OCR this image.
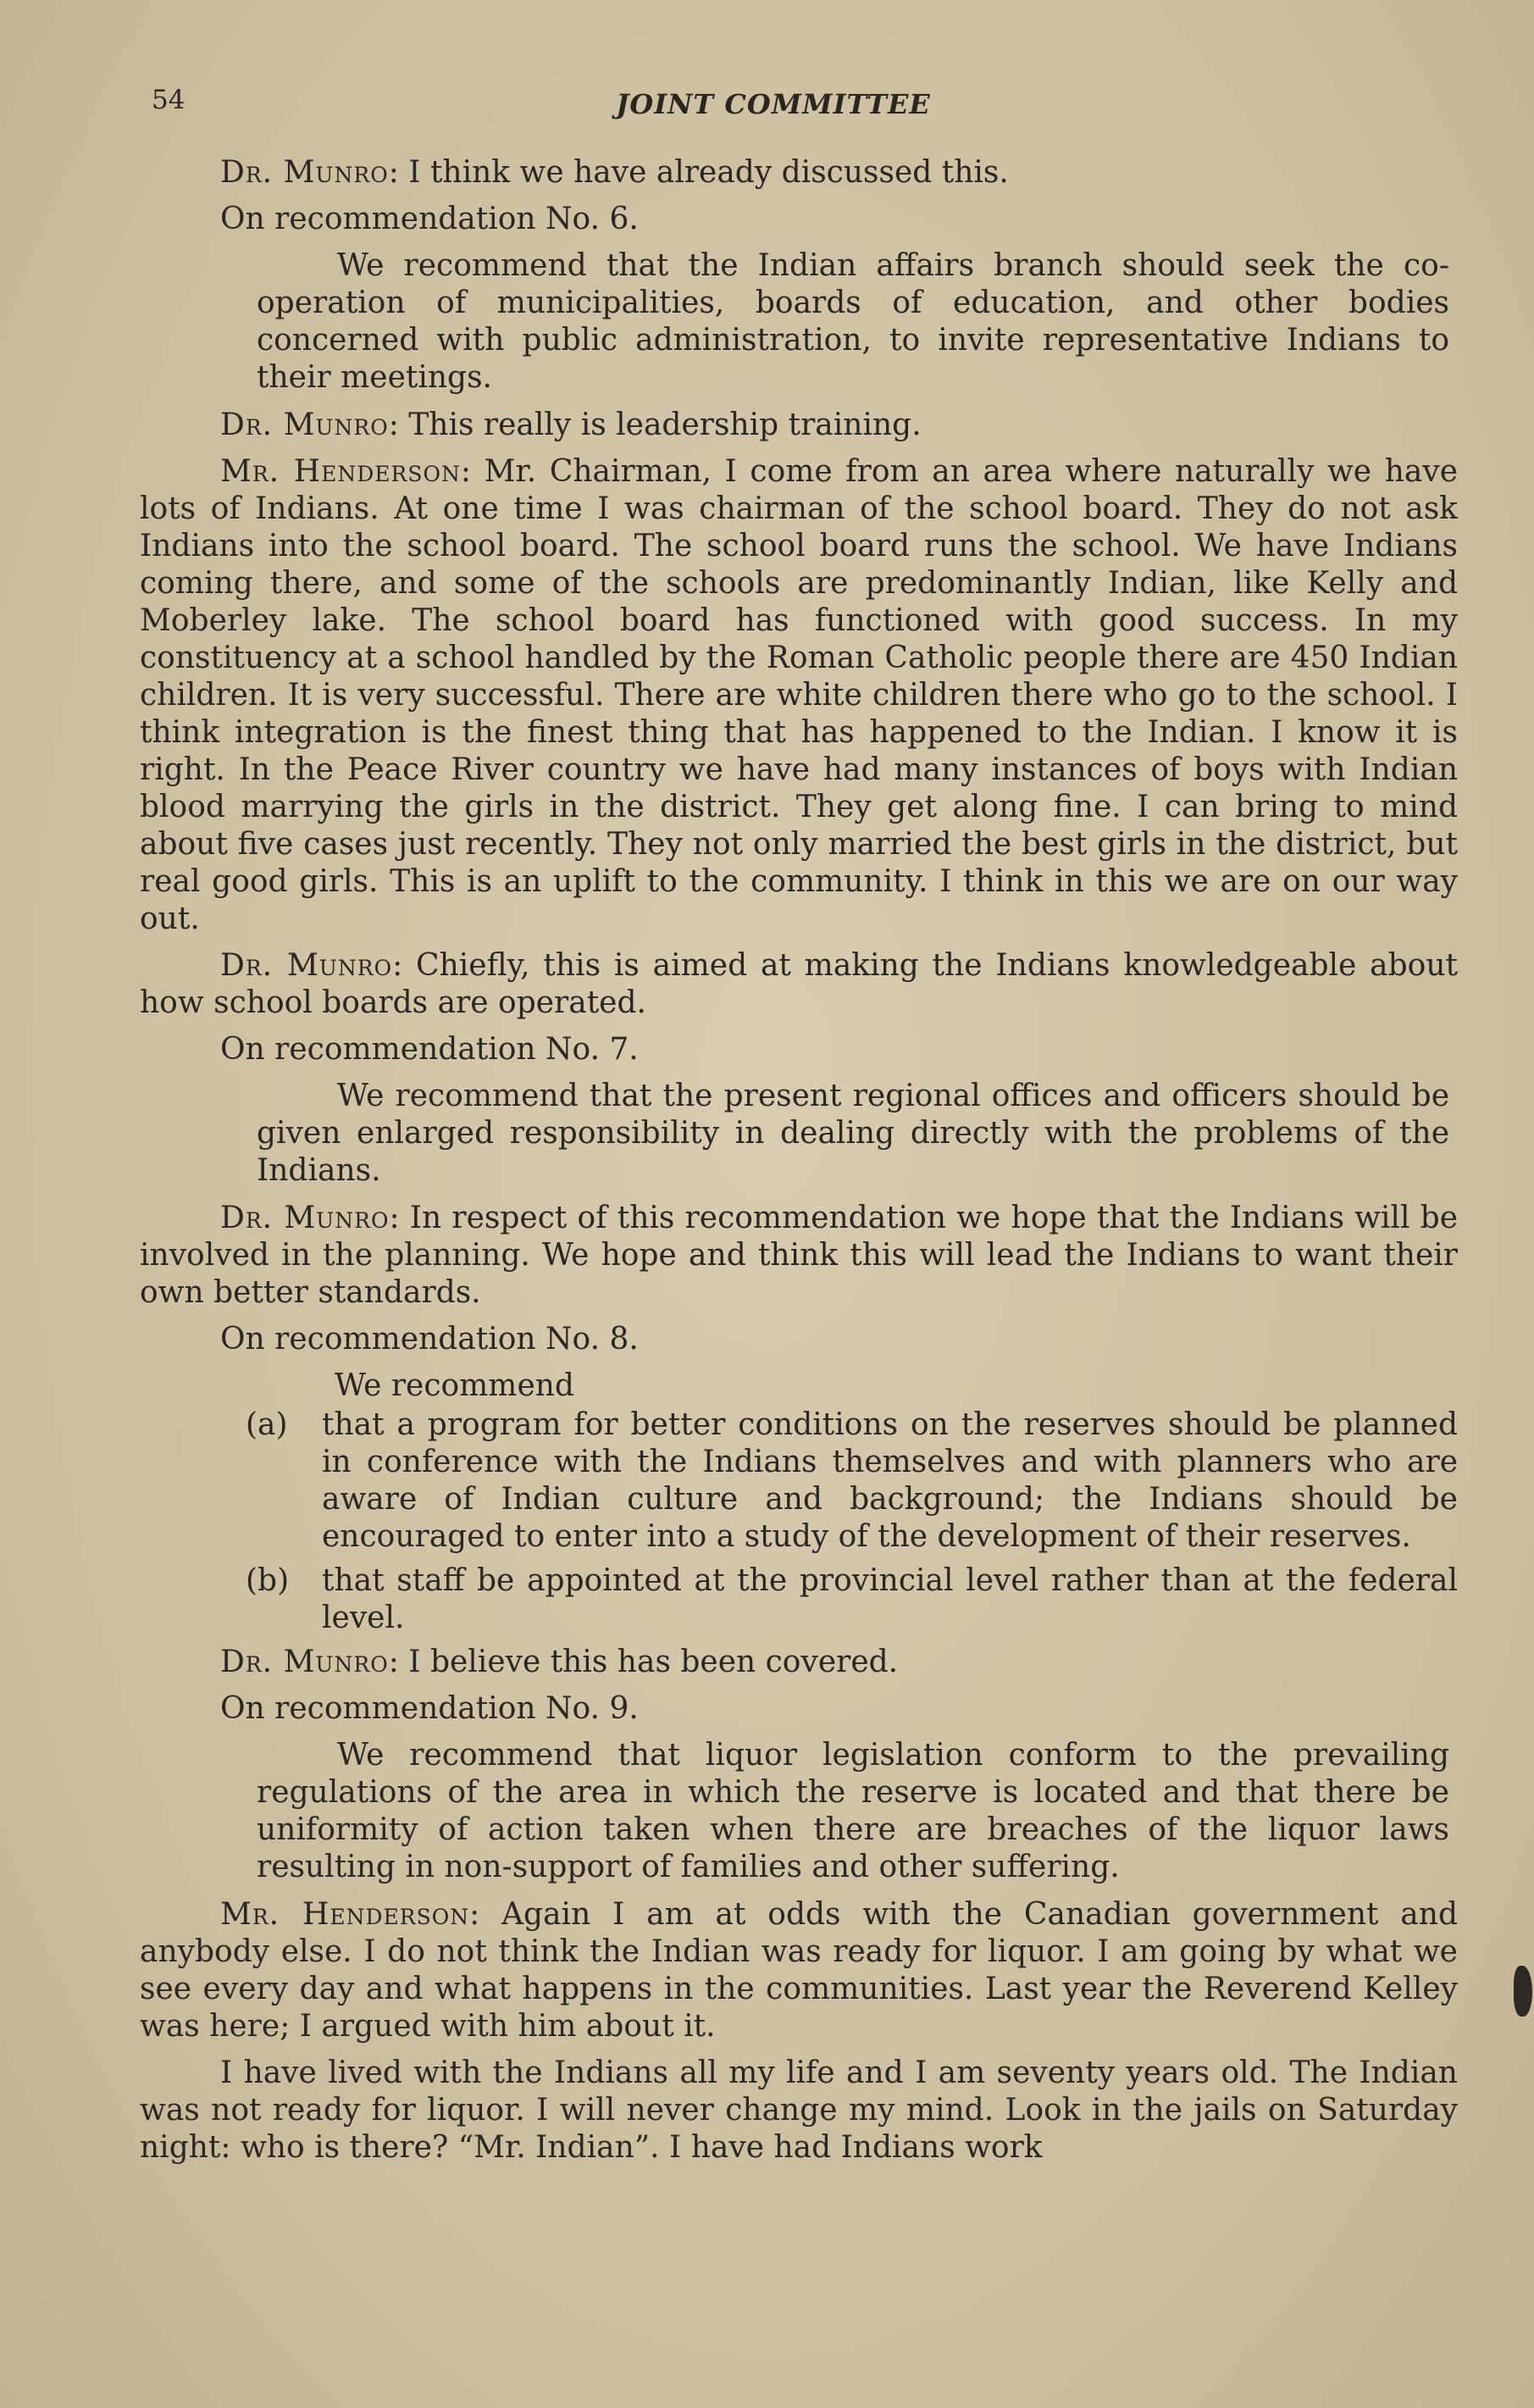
54	JOINT COMMITTEE

Dr. Munro: I think we have already discussed this.

On recommendation No. 6.

We recommend that the Indian affairs branch should seek the co-operation of municipalities, boards of education, and other bodies concerned with public administration, to invite representative Indians to their meetings.

Dr. Munro: This really is leadership training.

Mr. Henderson: Mr. Chairman, I come from an area where naturally we have lots of Indians. At one time I was chairman of the school board. They do not ask Indians into the school board. The school board runs the school. We have Indians coming there, and some of the schools are predominantly Indian, like Kelly and Moberley lake. The school board has functioned with good success. In my constituency at a school handled by the Roman Catholic people there are 450 Indian children. It is very successful. There are white children there who go to the school. I think integration is the finest thing that has happened to the Indian. I know it is right. In the Peace River country we have had many instances of boys with Indian blood marrying the girls in the district. They get along fine. I can bring to mind about five cases just recently. They not only married the best girls in the district, but real good girls. This is an uplift to the community. I think in this we are on our way out.

Dr. Munro: Chiefly, this is aimed at making the Indians knowledgeable about how school boards are operated.

On recommendation No. 7.

We recommend that the present regional offices and officers should be given enlarged responsibility in dealing directly with the problems of the Indians.

Dr. Munro: In respect of this recommendation we hope that the Indians will be involved in the planning. We hope and think this will lead the Indians to want their own better standards.

On recommendation No. 8.

We recommend

(a)	that a program for better conditions on the reserves should be planned in conference with the Indians themselves and with planners who are aware of Indian culture and background; the Indians should be encouraged to enter into a study of the development of their reserves.
(b)	that staff be appointed at the provincial level rather than at the federal level.

Dr. Munro: I believe this has been covered.

On recommendation No. 9.

We recommend that liquor legislation conform to the prevailing regulations of the area in which the reserve is located and that there be uniformity of action taken when there are breaches of the liquor laws resulting in non-support of families and other suffering.

Mr. Henderson: Again I am at odds with the Canadian government and anybody else. I do not think the Indian was ready for liquor. I am going by what we see every day and what happens in the communities. Last year the Reverend Kelley was here; I argued with him about it.

I have lived with the Indians all my life and I am seventy years old. The Indian was not ready for liquor. I will never change my mind. Look in the jails on Saturday night: who is there? “Mr. Indian”. I have had Indians work
